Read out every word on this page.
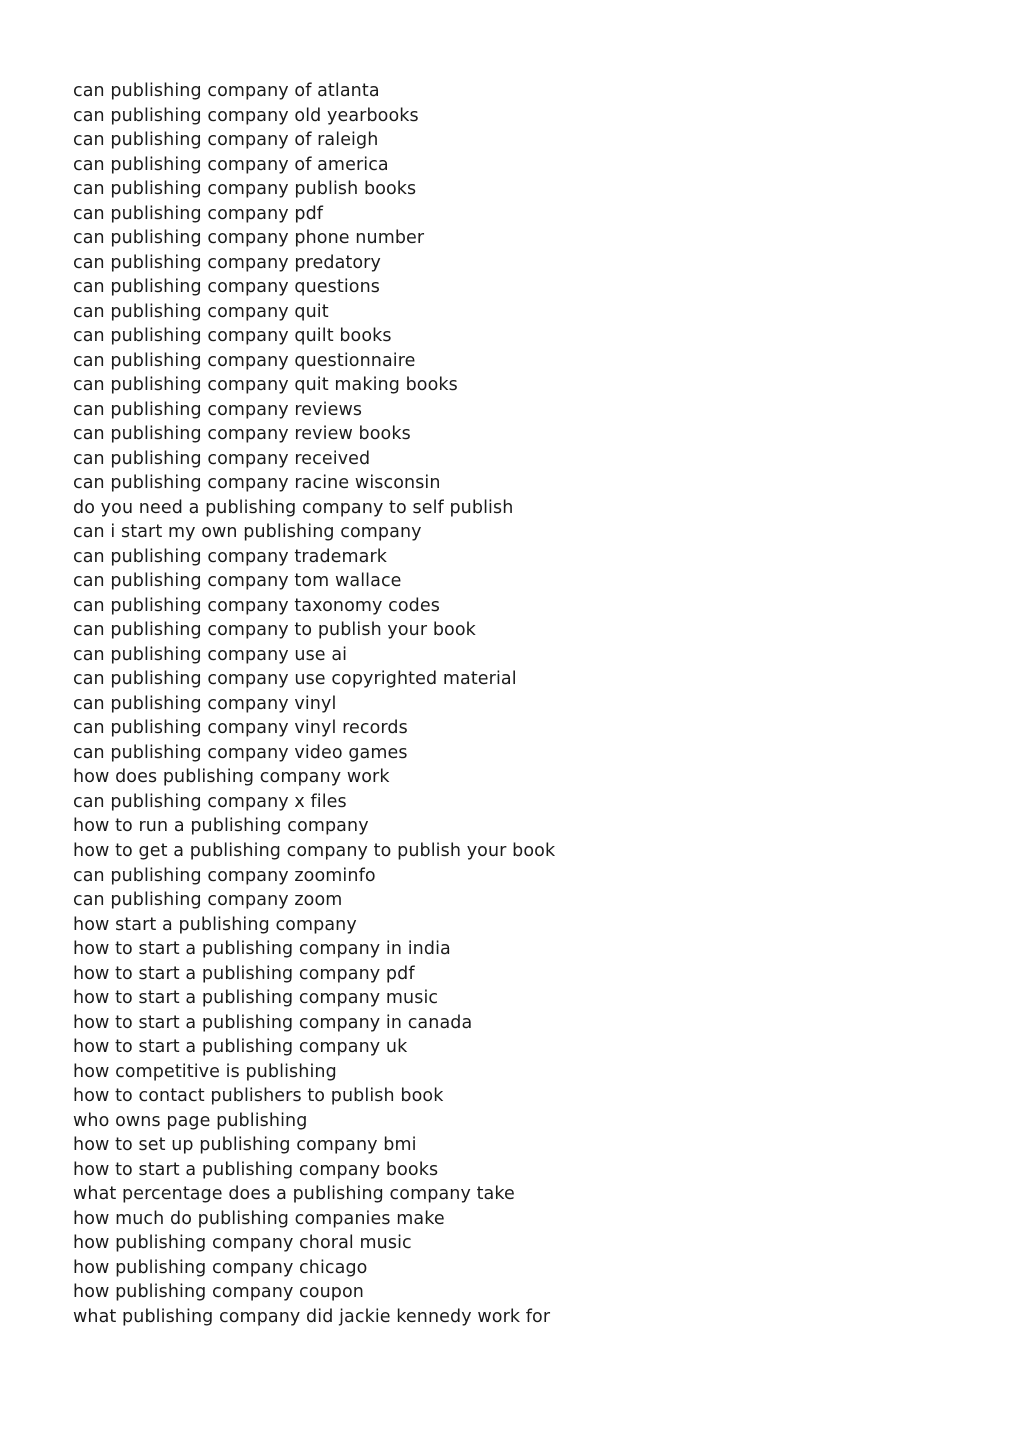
can publishing company of atlanta
can publishing company old yearbooks
can publishing company of raleigh
can publishing company of america
can publishing company publish books
can publishing company pdf
can publishing company phone number
can publishing company predatory
can publishing company questions
can publishing company quit
can publishing company quilt books
can publishing company questionnaire
can publishing company quit making books
can publishing company reviews
can publishing company review books
can publishing company received
can publishing company racine wisconsin
do you need a publishing company to self publish
can i start my own publishing company
can publishing company trademark
can publishing company tom wallace
can publishing company taxonomy codes
can publishing company to publish your book
can publishing company use ai
can publishing company use copyrighted material
can publishing company vinyl
can publishing company vinyl records
can publishing company video games
how does publishing company work
can publishing company x files
how to run a publishing company
how to get a publishing company to publish your book
can publishing company zoominfo
can publishing company zoom
how start a publishing company
how to start a publishing company in india
how to start a publishing company pdf
how to start a publishing company music
how to start a publishing company in canada
how to start a publishing company uk
how competitive is publishing
how to contact publishers to publish book
who owns page publishing
how to set up publishing company bmi
how to start a publishing company books
what percentage does a publishing company take
how much do publishing companies make
how publishing company choral music
how publishing company chicago
how publishing company coupon
what publishing company did jackie kennedy work for
